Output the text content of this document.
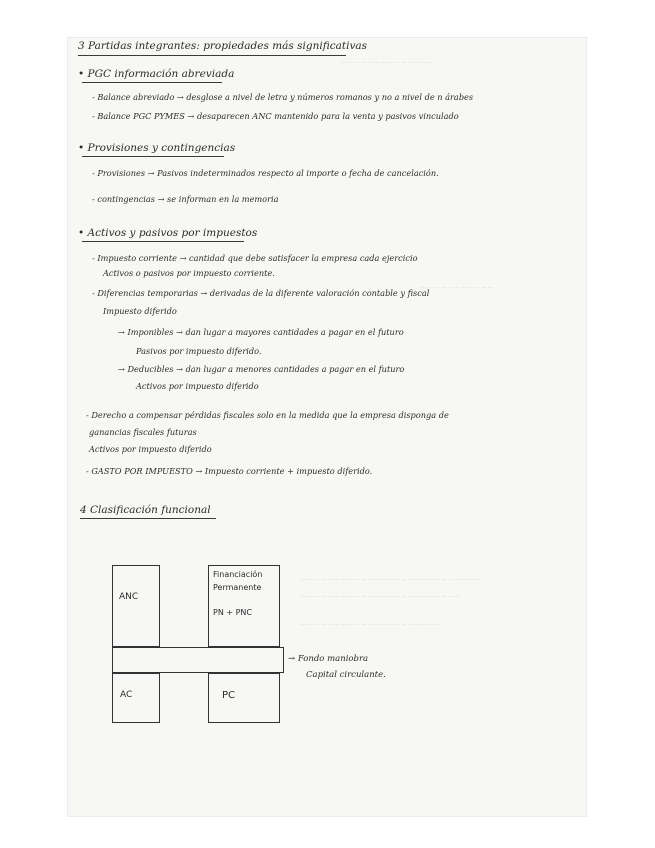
~~~~~~~~~~~~~~
~~~~~~~~~~~
~~~~~~~~~~~~~~~~~~~~~~~~~~~
~~~~~~~~~~~~~~~~~~~~~~~~
~~~~~~~~~~~~~~~~~~~~~
3 Partidas integrantes: propiedades más significativas
• PGC información abreviada
- Balance abreviado → desglose a nivel de letra y números romanos y no a nivel de n árabes
- Balance PGC PYMES → desaparecen ANC mantenido para la venta y pasivos vinculado
• Provisiones y contingencias
- Provisiones → Pasivos indeterminados respecto al importe o fecha de cancelación.
- contingencias → se informan en la memoria
• Activos y pasivos por impuestos
- Impuesto corriente → cantidad que debe satisfacer la empresa cada ejercicio
Activos o pasivos por impuesto corriente.
- Diferencias temporarias → derivadas de la diferente valoración contable y fiscal
Impuesto diferido
→ Imponibles → dan lugar a mayores cantidades a pagar en el futuro
Pasivos por impuesto diferido.
→ Deducibles → dan lugar a menores cantidades a pagar en el futuro
Activos por impuesto diferido
- Derecho a compensar pérdidas fiscales solo en la medida que la empresa disponga de
ganancias fiscales futuras
Activos por impuesto diferido
- GASTO POR IMPUESTO → Impuesto corriente + impuesto diferido.
4 Clasificación funcional
ANC
Financiación
Permanente
PN + PNC
AC	PC
→ Fondo maniobra
Capital circulante.
